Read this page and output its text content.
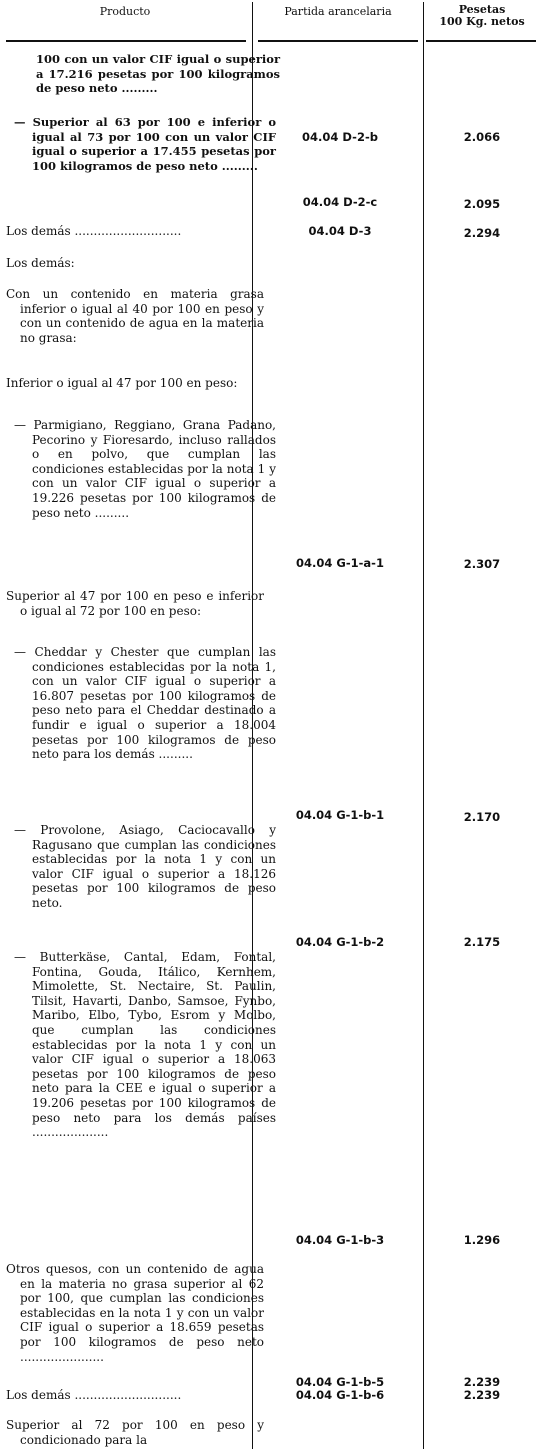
Producto	Partida arancelaria	Pesetas
100 Kg. netos
100 con un valor CIF igual o superior a 17.216 pesetas por 100 kilogramos de peso neto .........
04.04 D-2-b	2.066
— Superior al 63 por 100 e inferior o igual al 73 por 100 con un valor CIF igual o superior a 17.455 pesetas por 100 kilogramos de peso neto .........
04.04 D-2-c	2.095
Los demás ............................	04.04 D-3	2.294
Los demás:
Con un contenido en materia grasa inferior o igual al 40 por 100 en peso y con un contenido de agua en la materia no grasa:
Inferior o igual al 47 por 100 en peso:
— Parmigiano, Reggiano, Grana Padano, Pecorino y Fioresardo, incluso rallados o en polvo, que cumplan las condiciones establecidas por la nota 1 y con un valor CIF igual o superior a 19.226 pesetas por 100 kilogramos de peso neto .........
04.04 G-1-a-1	2.307
Superior al 47 por 100 en peso e inferior o igual al 72 por 100 en peso:
— Cheddar y Chester que cumplan las condiciones establecidas por la nota 1, con un valor CIF igual o superior a 16.807 pesetas por 100 kilogramos de peso neto para el Cheddar destinado a fundir e igual o superior a 18.004 pesetas por 100 kilogramos de peso neto para los demás .........
04.04 G-1-b-1	2.170
— Provolone, Asiago, Caciocavallo y Ragusano que cumplan las condiciones establecidas por la nota 1 y con un valor CIF igual o superior a 18.126 pesetas por 100 kilogramos de peso neto.
04.04 G-1-b-2	2.175
— Butterkäse, Cantal, Edam, Fontal, Fontina, Gouda, Itálico, Kernhem, Mimolette, St. Nectaire, St. Paulin, Tilsit, Havarti, Danbo, Samsoe, Fynbo, Maribo, Elbo, Tybo, Esrom y Molbo, que cumplan las condiciones establecidas por la nota 1 y con un valor CIF igual o superior a 18.063 pesetas por 100 kilogramos de peso neto para la CEE e igual o superior a 19.206 pesetas por 100 kilogramos de peso neto para los demás países ....................
04.04 G-1-b-3	1.296
Otros quesos, con un contenido de agua en la materia no grasa superior al 62 por 100, que cumplan las condiciones establecidas en la nota 1 y con un valor CIF igual o superior a 18.659 pesetas por 100 kilogramos de peso neto ......................
04.04 G-1-b-5	2.239
Los demás ............................	04.04 G-1-b-6	2.239
Superior al 72 por 100 en peso y condicionado para la
